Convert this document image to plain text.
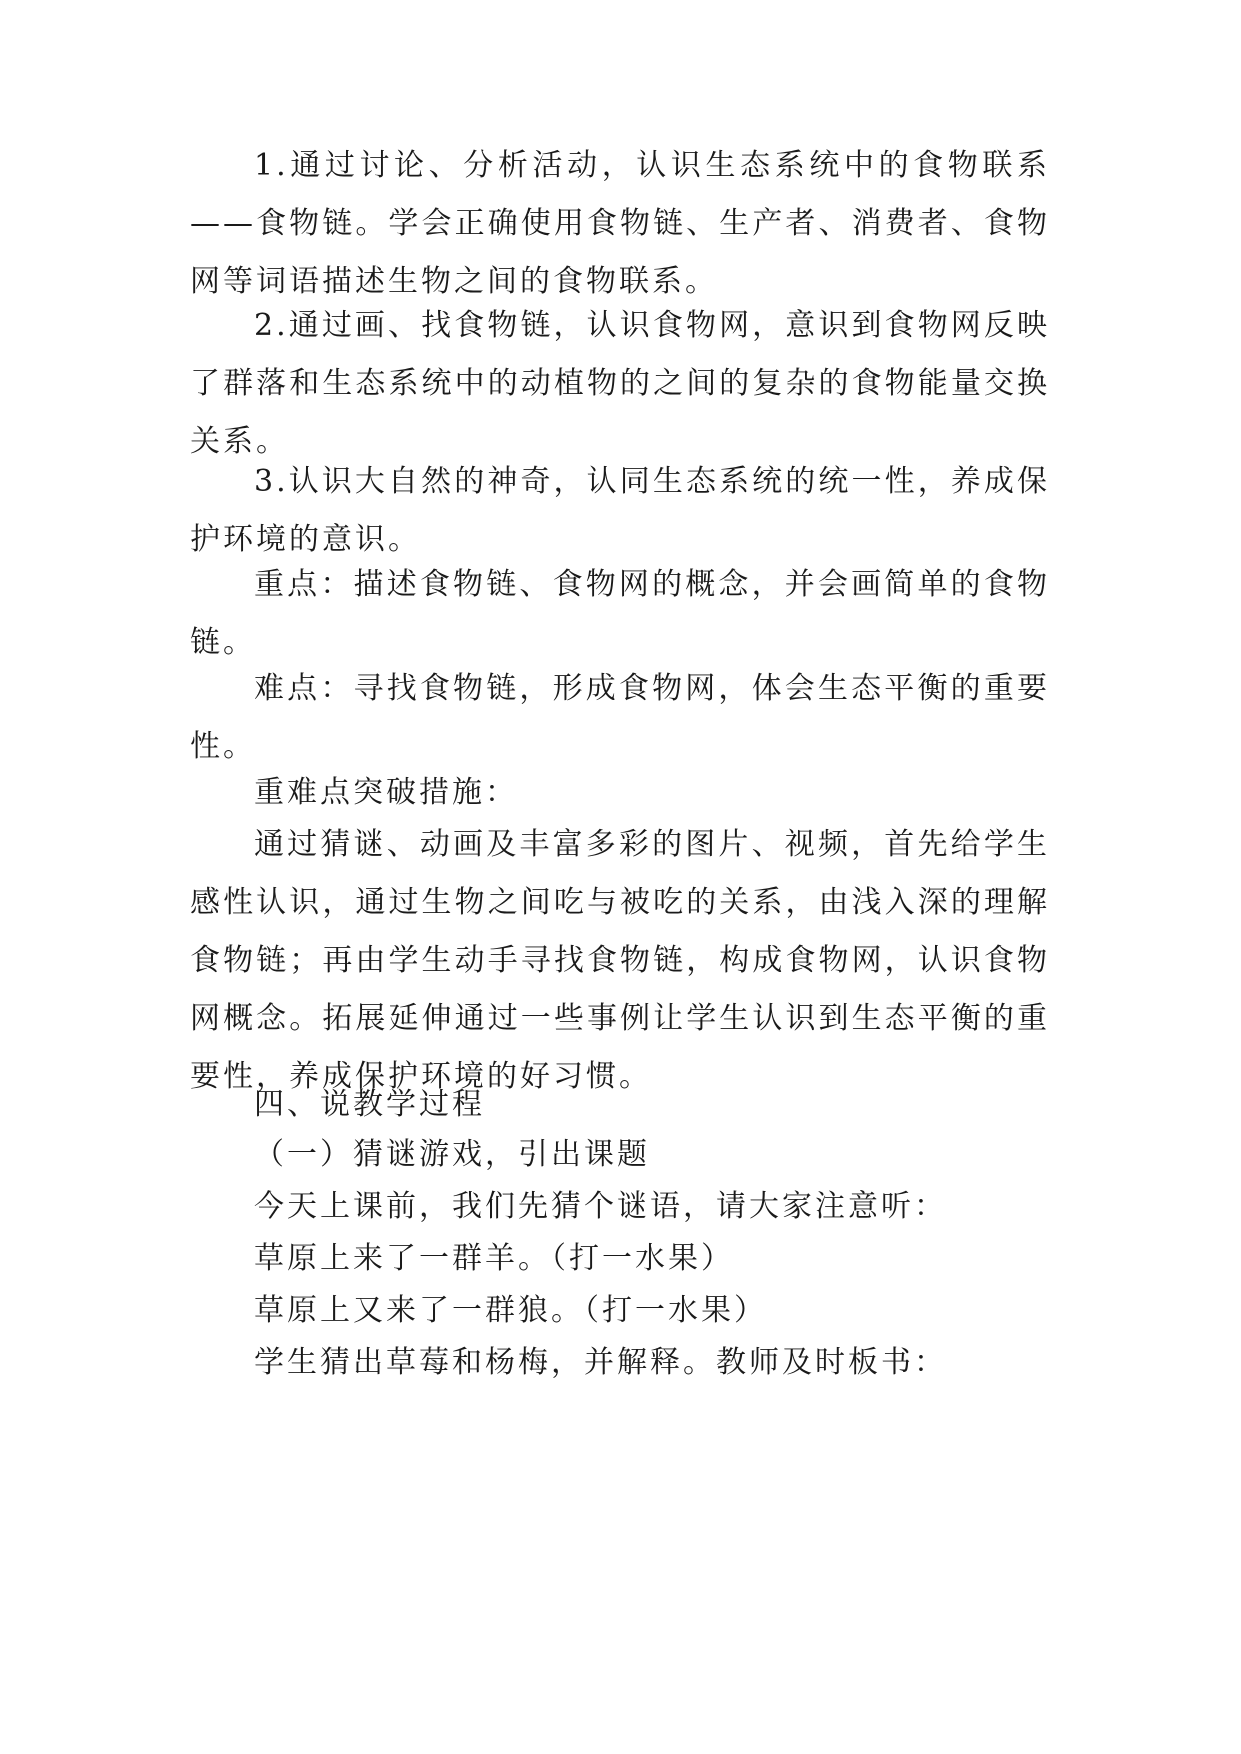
1.通过讨论、分析活动，认识生态系统中的食物联系——食物链。学会正确使用食物链、生产者、消费者、食物网等词语描述生物之间的食物联系。

2.通过画、找食物链，认识食物网，意识到食物网反映了群落和生态系统中的动植物的之间的复杂的食物能量交换关系。

3.认识大自然的神奇，认同生态系统的统一性，养成保护环境的意识。

重点：描述食物链、食物网的概念，并会画简单的食物链。

难点：寻找食物链，形成食物网，体会生态平衡的重要性。

重难点突破措施：

通过猜谜、动画及丰富多彩的图片、视频，首先给学生感性认识，通过生物之间吃与被吃的关系，由浅入深的理解食物链；再由学生动手寻找食物链，构成食物网，认识食物网概念。拓展延伸通过一些事例让学生认识到生态平衡的重要性，养成保护环境的好习惯。

四、说教学过程

（一）猜谜游戏，引出课题

今天上课前，我们先猜个谜语，请大家注意听：

草原上来了一群羊。（打一水果）

草原上又来了一群狼。（打一水果）

学生猜出草莓和杨梅，并解释。教师及时板书：
